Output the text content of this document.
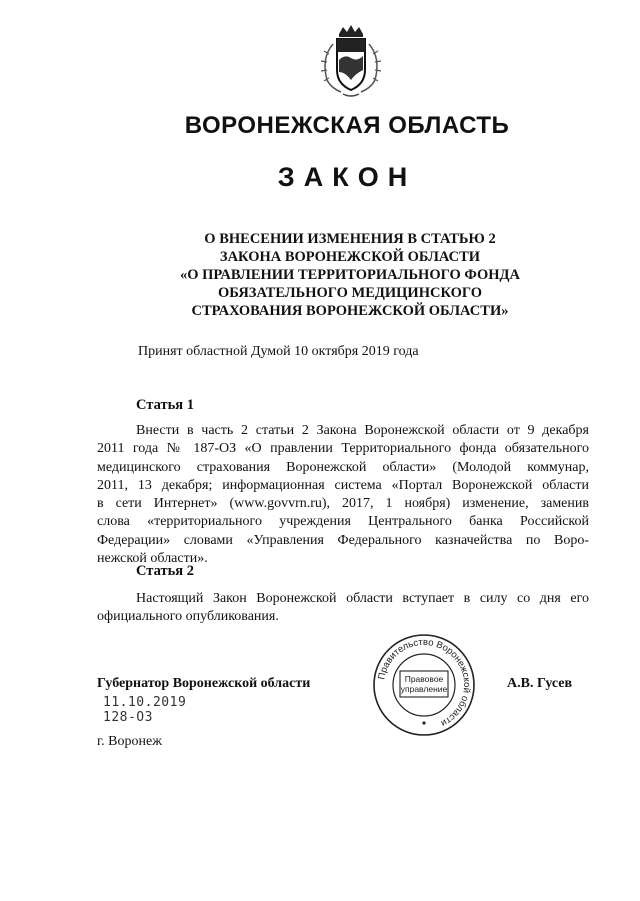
ВОРОНЕЖСКАЯ ОБЛАСТЬ
ЗАКОН
О ВНЕСЕНИИ ИЗМЕНЕНИЯ В СТАТЬЮ 2
ЗАКОНА ВОРОНЕЖСКОЙ ОБЛАСТИ
«О ПРАВЛЕНИИ ТЕРРИТОРИАЛЬНОГО ФОНДА
ОБЯЗАТЕЛЬНОГО МЕДИЦИНСКОГО
СТРАХОВАНИЯ ВОРОНЕЖСКОЙ ОБЛАСТИ»
Принят областной Думой 10 октября 2019 года
Статья 1
Внести в часть 2 статьи 2 Закона Воронежской области от 9 декабря
2011 года № 187-ОЗ «О правлении Территориального фонда обязательного
медицинского страхования Воронежской области» (Молодой коммунар,
2011, 13 декабря; информационная система «Портал Воронежской области
в сети Интернет» (www.govvrn.ru), 2017, 1 ноября) изменение, заменив
слова «территориального учреждения Центрального банка Российской
Федерации» словами «Управления Федерального казначейства по Воро-
нежской области».
Статья 2
Настоящий Закон Воронежской области вступает в силу со дня его
официального опубликования.
Губернатор Воронежской области	А.В. Гусев
11.10.2019
128-ОЗ
г. Воронеж
Правительство Воронежской области
Правовое
управление
